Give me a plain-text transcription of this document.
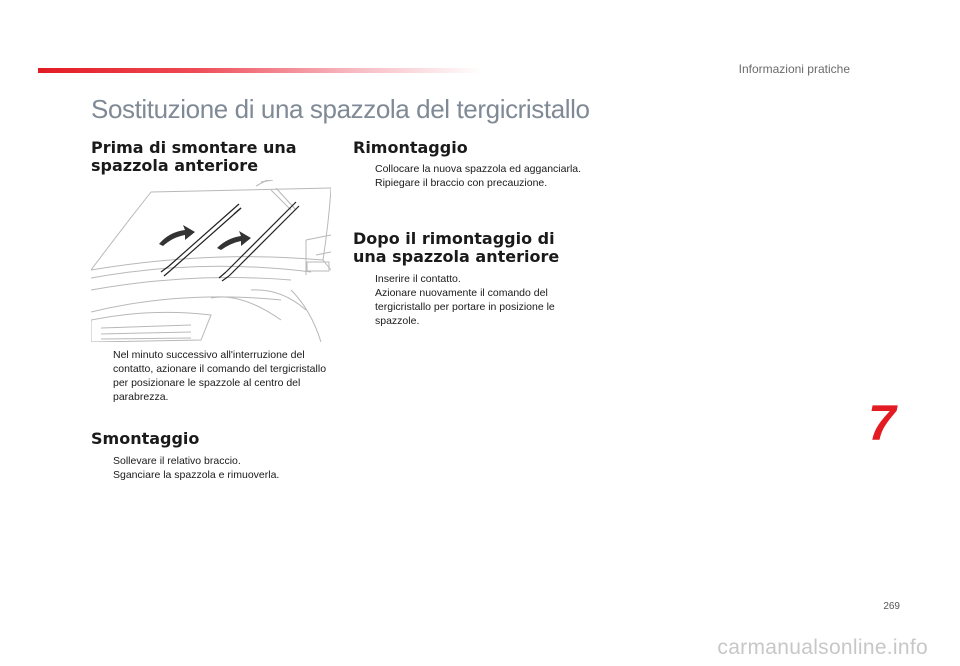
Informazioni pratiche
Sostituzione di una spazzola del tergicristallo
Prima di smontare una spazzola anteriore
Nel minuto successivo all'interruzione del contatto, azionare il comando del tergicristallo per posizionare le spazzole al centro del parabrezza.
Smontaggio
Sollevare il relativo braccio.
Sganciare la spazzola e rimuoverla.
Rimontaggio
Collocare la nuova spazzola ed agganciarla.
Ripiegare il braccio con precauzione.
Dopo il rimontaggio di una spazzola anteriore
Inserire il contatto.
Azionare nuovamente il comando del tergicristallo per portare in posizione le spazzole.
7
269
carmanualsonline.info
